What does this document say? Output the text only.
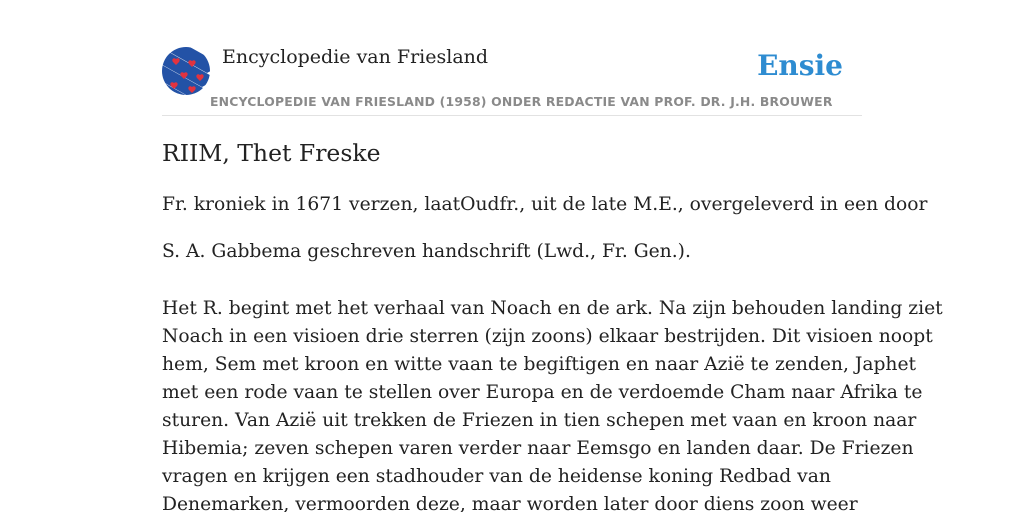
Encyclopedie van Friesland
ENCYCLOPEDIE VAN FRIESLAND (1958) ONDER REDACTIE VAN PROF. DR. J.H. BROUWER
Ensie
RIIM, Thet Freske

Fr. kroniek in 1671 verzen, laatOudfr., uit de late M.E., overgeleverd in een door

S. A. Gabbema geschreven handschrift (Lwd., Fr. Gen.).

Het R. begint met het verhaal van Noach en de ark. Na zijn behouden landing ziet
Noach in een visioen drie sterren (zijn zoons) elkaar bestrijden. Dit visioen noopt
hem, Sem met kroon en witte vaan te begiftigen en naar Azië te zenden, Japhet
met een rode vaan te stellen over Europa en de verdoemde Cham naar Afrika te
sturen. Van Azië uit trekken de Friezen in tien schepen met vaan en kroon naar
Hibemia; zeven schepen varen verder naar Eemsgo en landen daar. De Friezen
vragen en krijgen een stadhouder van de heidense koning Redbad van
Denemarken, vermoorden deze, maar worden later door diens zoon weer
